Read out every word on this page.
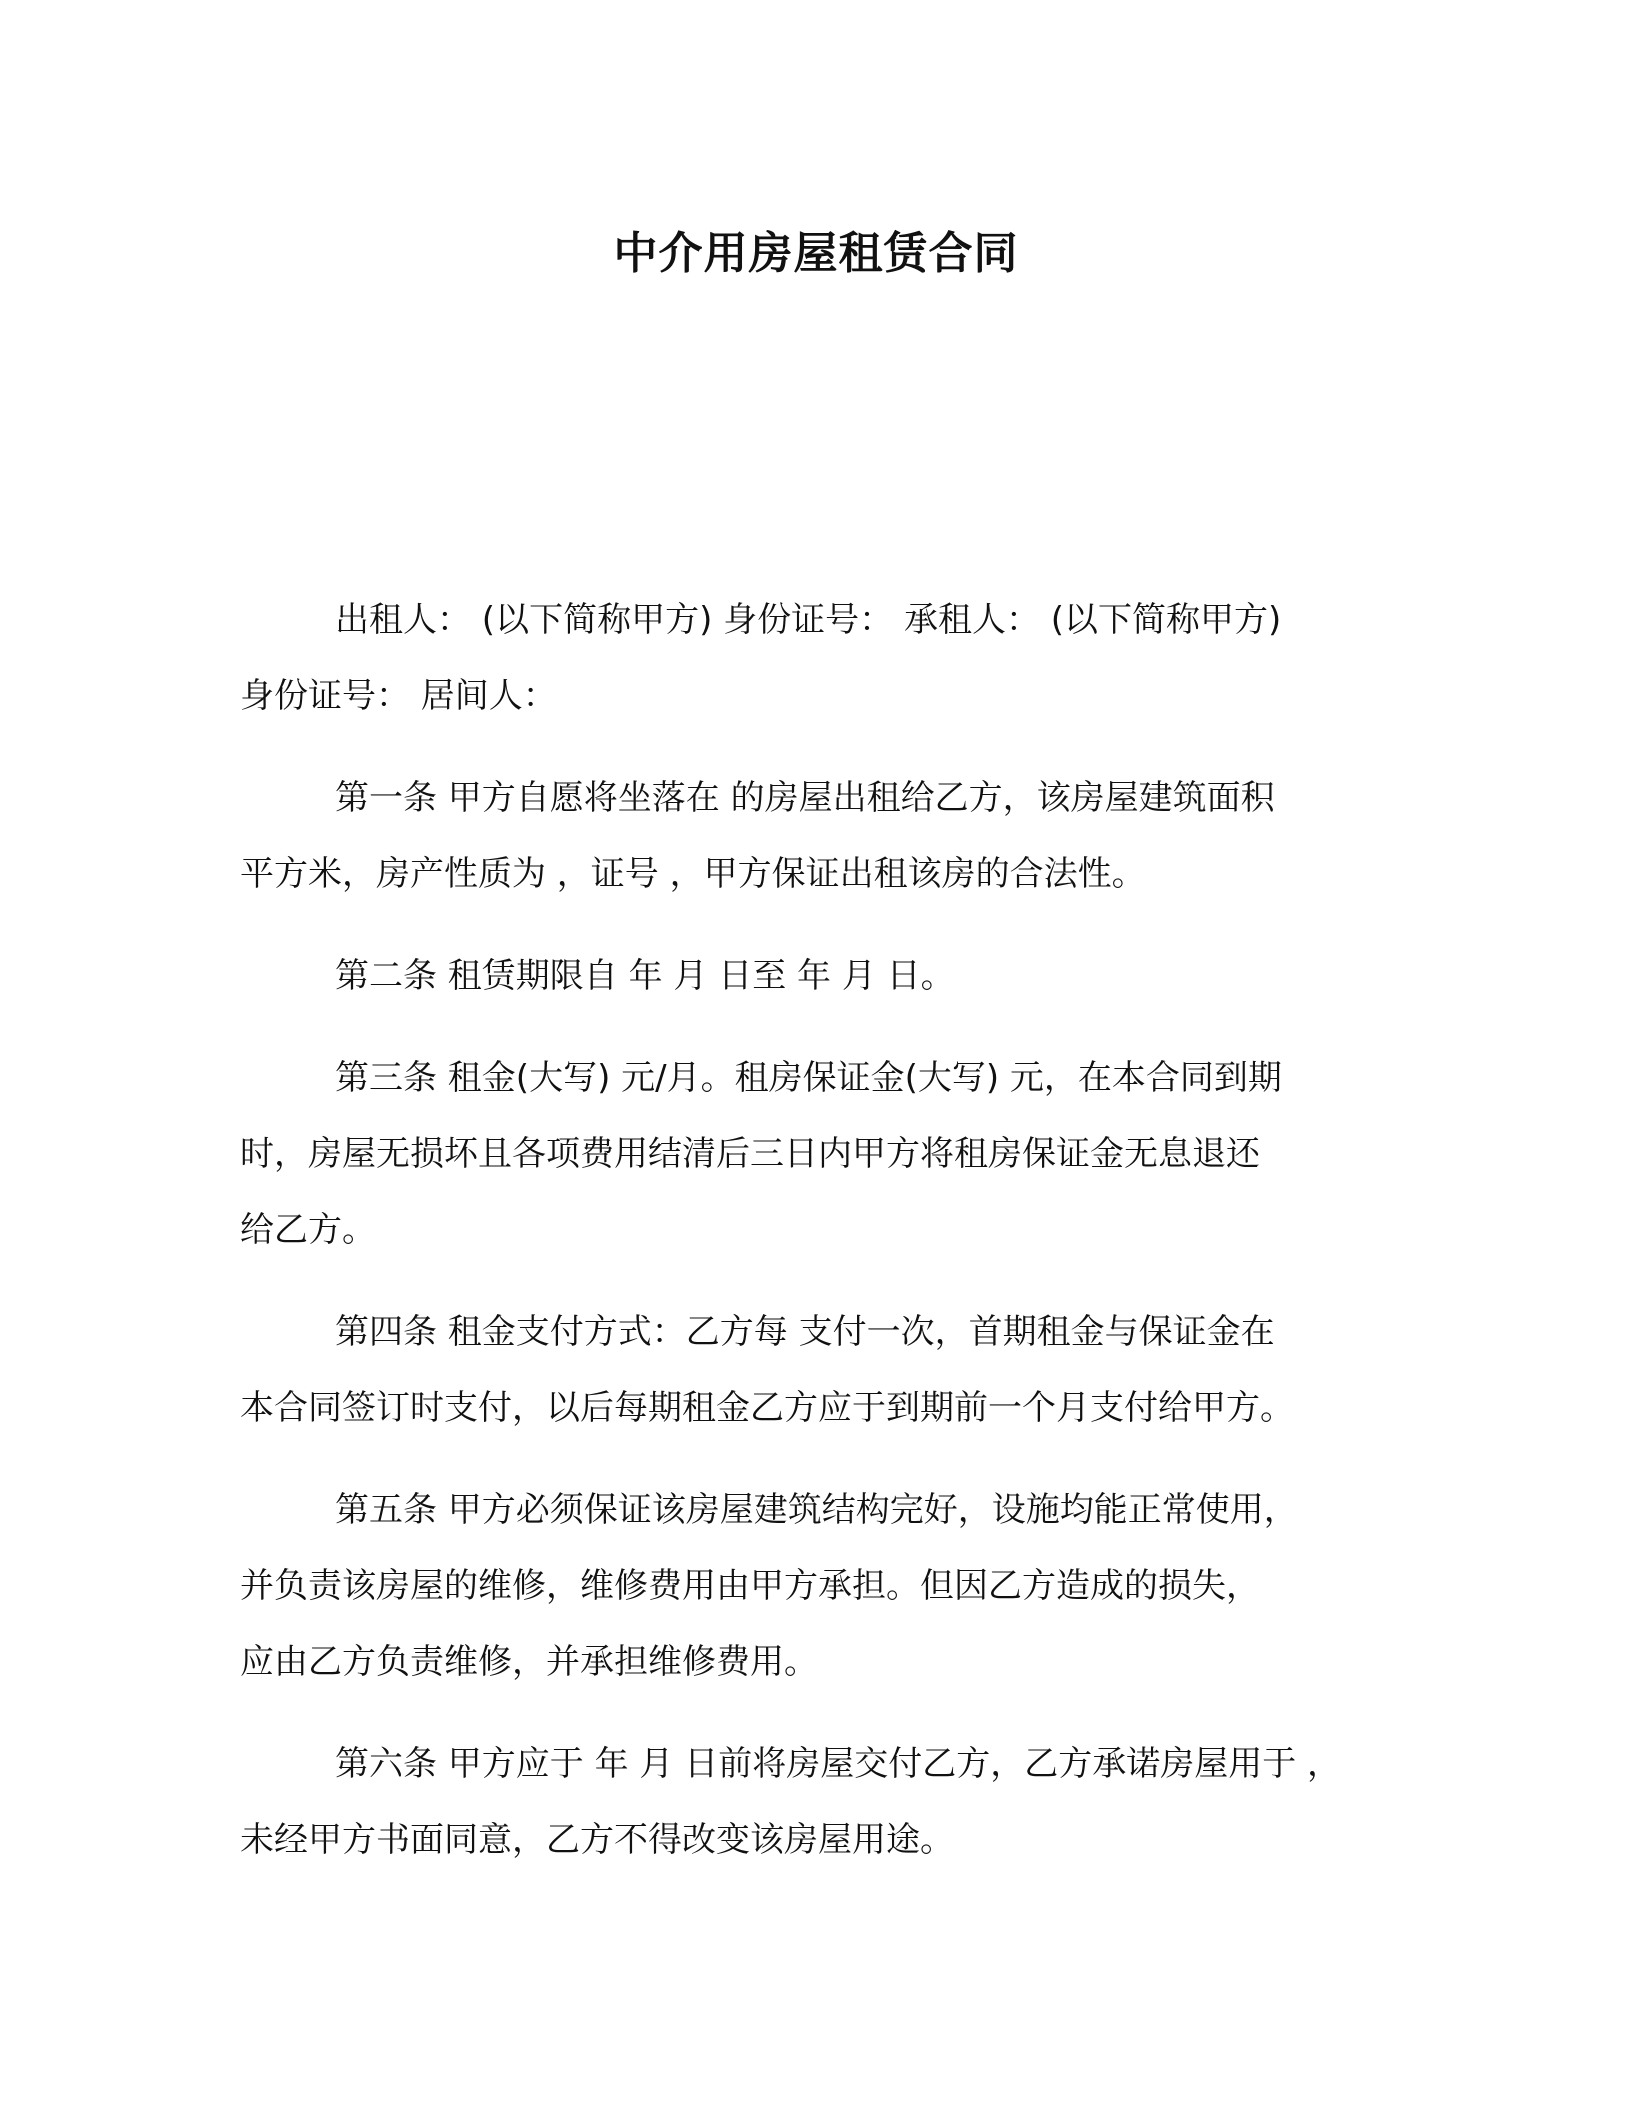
中介用房屋租赁合同

出租人： (以下简称甲方) 身份证号： 承租人： (以下简称甲方)

身份证号： 居间人：

第一条 甲方自愿将坐落在 的房屋出租给乙方，该房屋建筑面积

平方米，房产性质为 ，证号 ，甲方保证出租该房的合法性。

第二条 租赁期限自 年 月 日至 年 月 日。

第三条 租金(大写) 元/月。租房保证金(大写) 元，在本合同到期

时，房屋无损坏且各项费用结清后三日内甲方将租房保证金无息退还

给乙方。

第四条 租金支付方式：乙方每 支付一次，首期租金与保证金在

本合同签订时支付，以后每期租金乙方应于到期前一个月支付给甲方。

第五条 甲方必须保证该房屋建筑结构完好，设施均能正常使用，

并负责该房屋的维修，维修费用由甲方承担。但因乙方造成的损失，

应由乙方负责维修，并承担维修费用。

第六条 甲方应于 年 月 日前将房屋交付乙方，乙方承诺房屋用于 ，

未经甲方书面同意，乙方不得改变该房屋用途。
